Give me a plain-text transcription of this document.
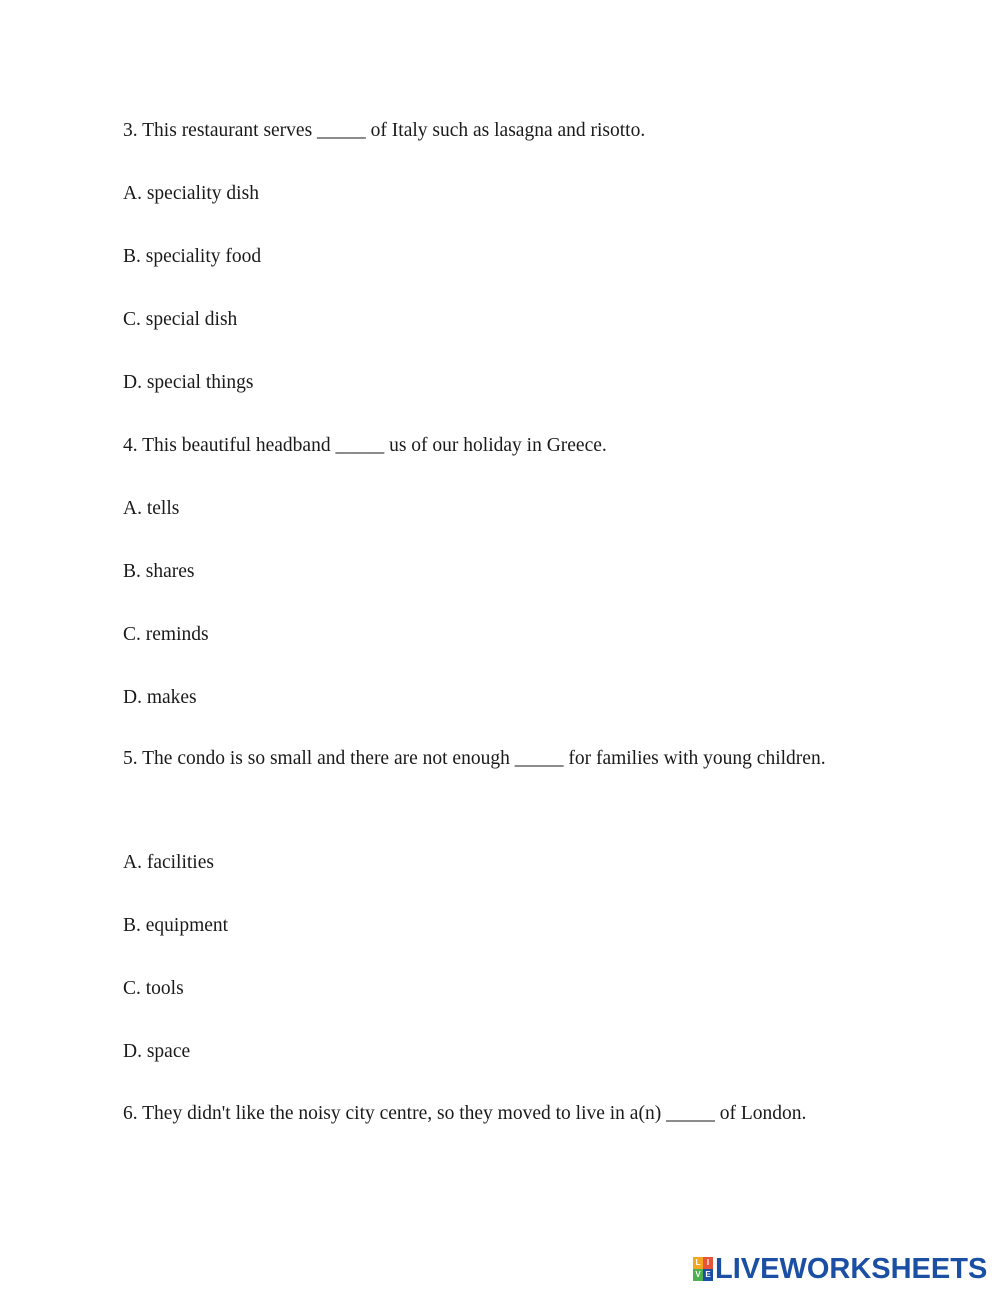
3. This restaurant serves _____ of Italy such as lasagna and risotto.
A. speciality dish
B. speciality food
C. special dish
D. special things
4. This beautiful headband _____ us of our holiday in Greece.
A. tells
B. shares
C. reminds
D. makes
5. The condo is so small and there are not enough _____ for families with young children.
A. facilities
B. equipment
C. tools
D. space
6. They didn't like the noisy city centre, so they moved to live in a(n) _____ of London.
L I
V E LIVEWORKSHEETS
